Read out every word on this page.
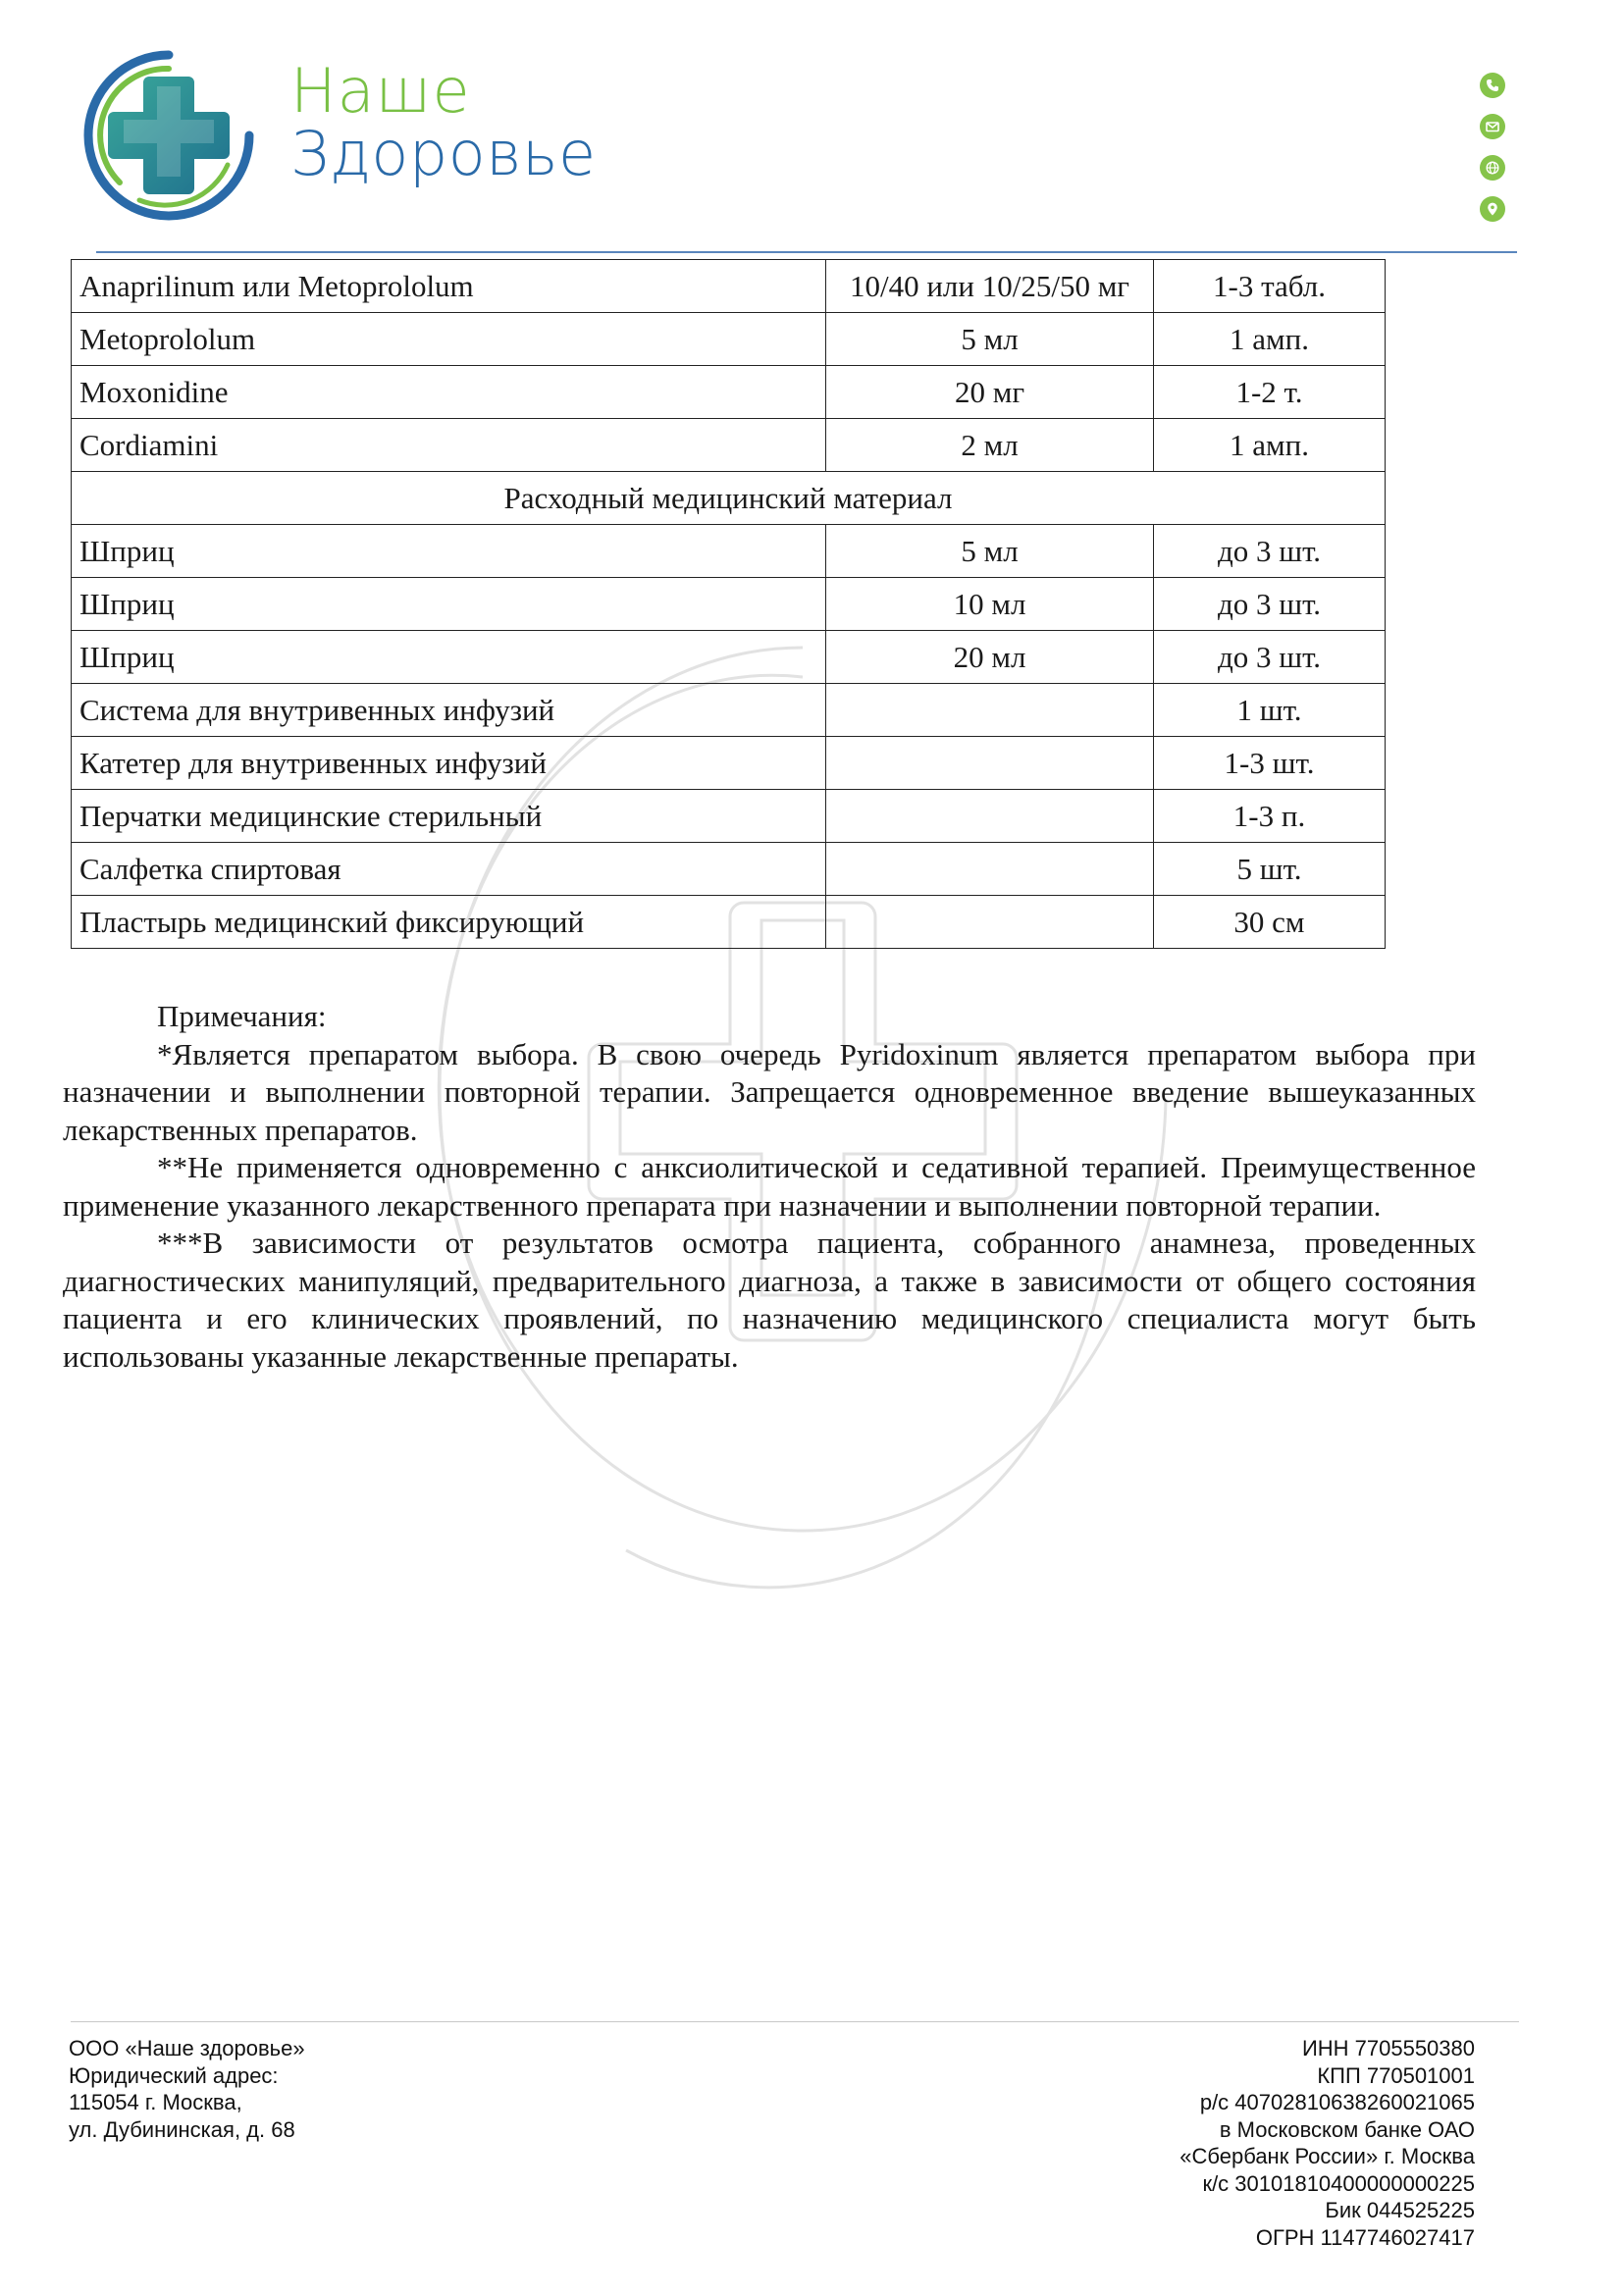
Наше
Здоровье
Anaprilinum или Metoprololum	10/40 или 10/25/50 мг	1-3 табл.
Metoprololum	5 мл	1 амп.
Moxonidine	20 мг	1-2 т.
Cordiamini	2 мл	1 амп.
Расходный медицинский материал		
Шприц	5 мл	до 3 шт.
Шприц	10 мл	до 3 шт.
Шприц	20 мл	до 3 шт.
Система для внутривенных инфузий		1 шт.
Катетер для внутривенных инфузий		1-3 шт.
Перчатки медицинские стерильный		1-3 п.
Салфетка спиртовая		5 шт.
Пластырь медицинский фиксирующий		30 см

Примечания:

*Является препаратом выбора. В свою очередь Pyridoxinum является препаратом выбора при назначении и выполнении повторной терапии. Запрещается одновременное введение вышеуказанных лекарственных препаратов.

**Не применяется одновременно с анксиолитической и седативной терапией. Преимущественное применение указанного лекарственного препарата при назначении и выполнении повторной терапии.

***В зависимости от результатов осмотра пациента, собранного анамнеза, проведенных диагностических манипуляций, предварительного диагноза, а также в зависимости от общего состояния пациента и его клинических проявлений, по назначению медицинского специалиста могут быть использованы указанные лекарственные препараты.

ООО «Наше здоровье»
Юридический адрес:
115054 г. Москва,
ул. Дубининская, д. 68
ИНН 7705550380
КПП 770501001
р/с 40702810638260021065
в Московском банке ОАО
«Сбербанк России» г. Москва
к/с 30101810400000000225
Бик 044525225
ОГРН 1147746027417
